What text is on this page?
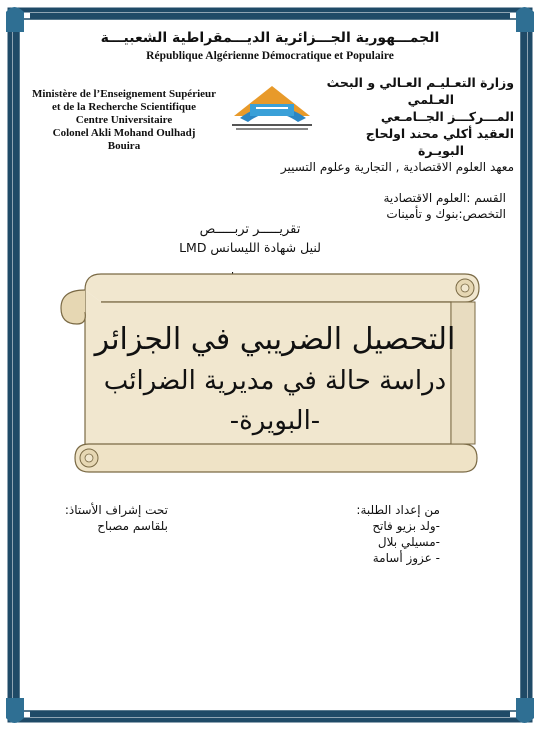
الجمـــهورية الجـــزائرية الديـــمقراطية الشعبيـــة
République Algérienne Démocratique et Populaire
Ministère de l’Enseignement Supérieur
et de la Recherche Scientifique
Centre Universitaire
Colonel Akli Mohand Oulhadj
Bouira
وزارة التعـليـم العـالي و البحث
العـلمي
المـــركـــز الجــامـعي
العقيد أكلي محند اولحاج
البويـرة
معهد العلوم الاقتصادية , التجارية وعلوم التسيير
القسم :العلوم الاقتصادية
التخصص:بنوك و تأمينات
تقريـــــر تربـــــص
لنيل شهادة الليسانس LMD
التحصيل الضريبي في الجزائر
دراسة حالة في مديرية الضرائب
-البويرة-
تحت إشراف الأستاذ:
بلقاسم مصباح
من إعداد الطلبة:
-ولد بزيو فاتح
-مسيلي بلال
- عزوز أسامة
